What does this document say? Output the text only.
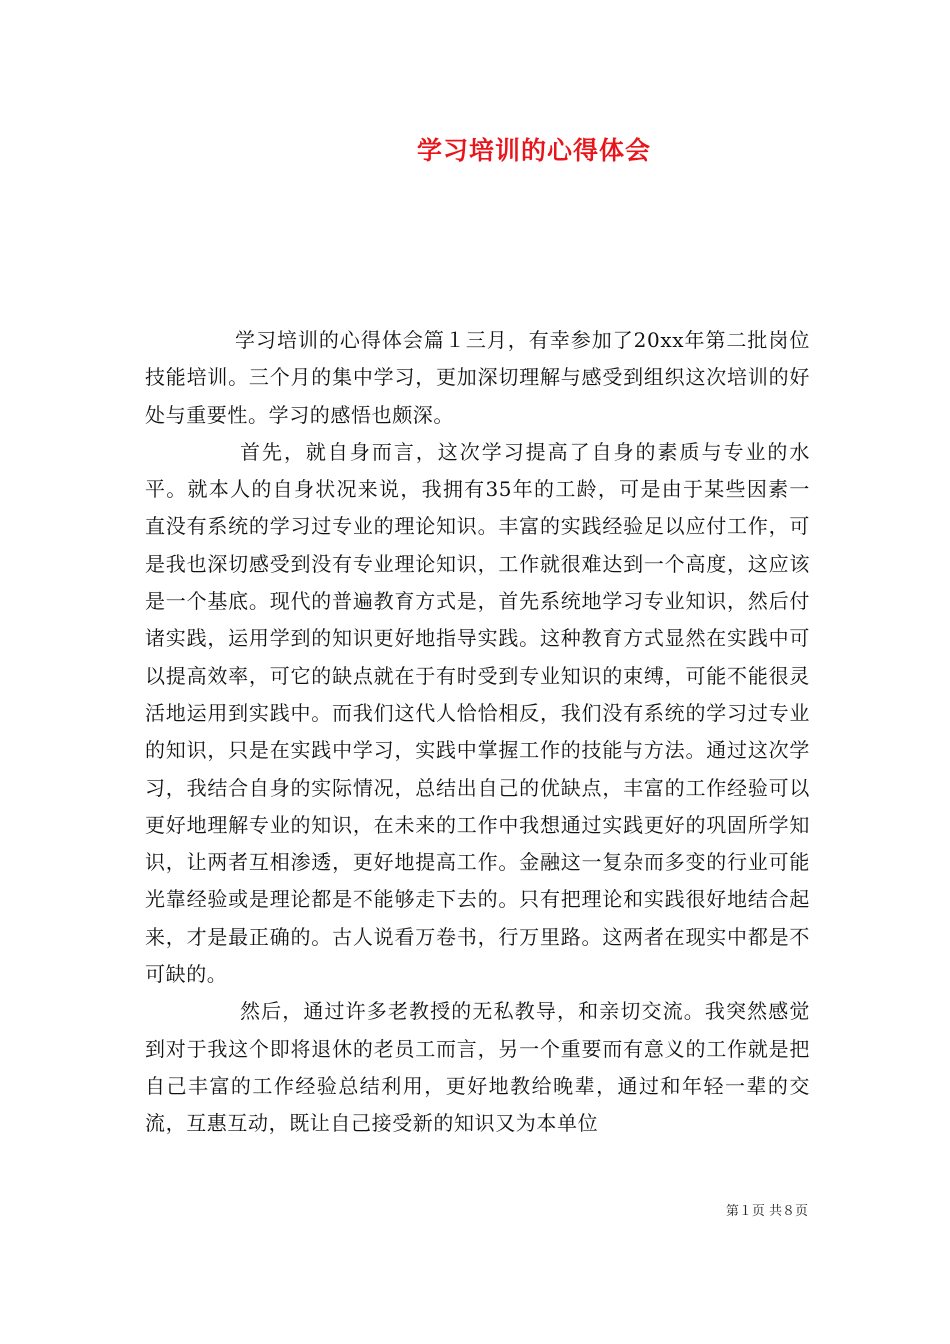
学习培训的心得体会

学习培训的心得体会篇１三月，有幸参加了20xx年第二批岗位技能培训。三个月的集中学习，更加深切理解与感受到组织这次培训的好处与重要性。学习的感悟也颇深。

首先，就自身而言，这次学习提高了自身的素质与专业的水平。就本人的自身状况来说，我拥有35年的工龄，可是由于某些因素一直没有系统的学习过专业的理论知识。丰富的实践经验足以应付工作，可是我也深切感受到没有专业理论知识，工作就很难达到一个高度，这应该是一个基底。现代的普遍教育方式是，首先系统地学习专业知识，然后付诸实践，运用学到的知识更好地指导实践。这种教育方式显然在实践中可以提高效率，可它的缺点就在于有时受到专业知识的束缚，可能不能很灵活地运用到实践中。而我们这代人恰恰相反，我们没有系统的学习过专业的知识，只是在实践中学习，实践中掌握工作的技能与方法。通过这次学习，我结合自身的实际情况，总结出自己的优缺点，丰富的工作经验可以更好地理解专业的知识，在未来的工作中我想通过实践更好的巩固所学知识，让两者互相渗透，更好地提高工作。金融这一复杂而多变的行业可能光靠经验或是理论都是不能够走下去的。只有把理论和实践很好地结合起来，才是最正确的。古人说看万卷书，行万里路。这两者在现实中都是不可缺的。

然后，通过许多老教授的无私教导，和亲切交流。我突然感觉到对于我这个即将退休的老员工而言，另一个重要而有意义的工作就是把自己丰富的工作经验总结利用，更好地教给晚辈，通过和年轻一辈的交流，互惠互动，既让自己接受新的知识又为本单位

第１页 共８页
